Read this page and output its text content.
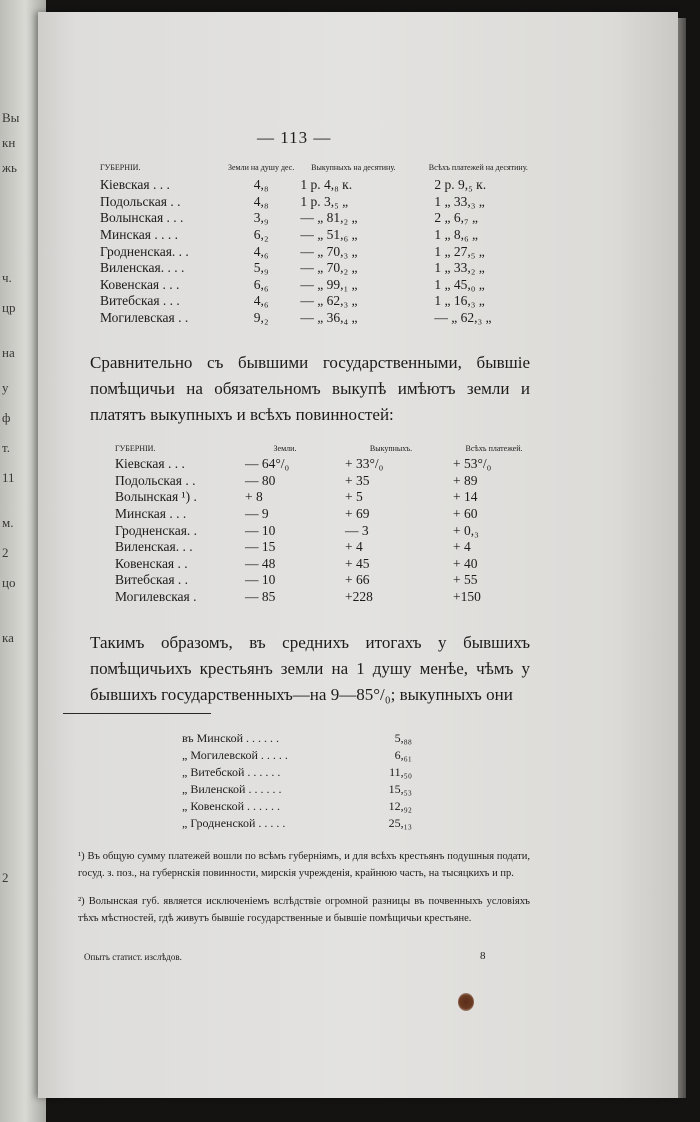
Вы
кн
жь
ч.
цр
на
у
ф
т.
11
м.
2
цо
ка
2
— 113 —
ГУБЕРНІИ.	Земли на душу дес.	Выкупныхъ на десятину.	Всѣхъ платежей на десятину.
Кіевская . . .	4,₈	1 р. 4,₈ к.	2 р. 9,₅ к.
Подольская . .	4,₈	1 р. 3,₅ „	1 „ 33,₃ „
Волынская . . .	3,₉	— „ 81,₂ „	2 „ 6,₇ „
Минская . . . .	6,₂	— „ 51,₆ „	1 „ 8,₆ „
Гродненская. . .	4,₆	— „ 70,₃ „	1 „ 27,₅ „
Виленская. . . .	5,₉	— „ 70,₂ „	1 „ 33,₂ „
Ковенская . . .	6,₆	— „ 99,₁ „	1 „ 45,₀ „
Витебская . . .	4,₆	— „ 62,₃ „	1 „ 16,₃ „
Могилевская . .	9,₂	— „ 36,₄ „	— „ 62,₃ „

Сравнительно съ бывшими государственными, бывшіе помѣщичьи на обязательномъ выкупѣ имѣютъ земли и платятъ выкупныхъ и всѣхъ повинностей:

ГУБЕРНІИ.	Земли.	Выкупныхъ.	Всѣхъ платежей.
Кіевская . . .	— 64°/₀	+ 33°/₀	+ 53°/₀
Подольская . .	— 80	+ 35	+ 89
Волынская ¹) .	+ 8	+ 5	+ 14
Минская . . .	— 9	+ 69	+ 60
Гродненская. .	— 10	— 3	+ 0,₃
Виленская. . .	— 15	+ 4	+ 4
Ковенская . .	— 48	+ 45	+ 40
Витебская . .	— 10	+ 66	+ 55
Могилевская .	— 85	+228	+150

Такимъ образомъ, въ среднихъ итогахъ у бывшихъ помѣщичьихъ крестьянъ земли на 1 душу менѣе, чѣмъ у бывшихъ государственныхъ—на 9—85°/₀; выкупныхъ они

въ Минской . . . . . .	5,₈₈
„ Могилевской . . . . .	6,₆₁
„ Витебской . . . . . .	11,₅₀
„ Виленской . . . . . .	15,₅₃
„ Ковенской . . . . . .	12,₉₂
„ Гродненской . . . . .	25,₁₃

¹) Въ общую сумму платежей вошли по всѣмъ губерніямъ, и для всѣхъ крестьянъ подушныя подати, госуд. з. поз., на губернскія повинности, мирскія учрежденія, крайнюю часть, на тысяцкихъ и пр.

²) Волынская губ. является исключеніемъ вслѣдствіе огромной разницы въ почвенныхъ условіяхъ тѣхъ мѣстностей, гдѣ живутъ бывшіе государственные и бывшіе помѣщичьи крестьяне.

Опытъ статист. изслѣдов.	8
